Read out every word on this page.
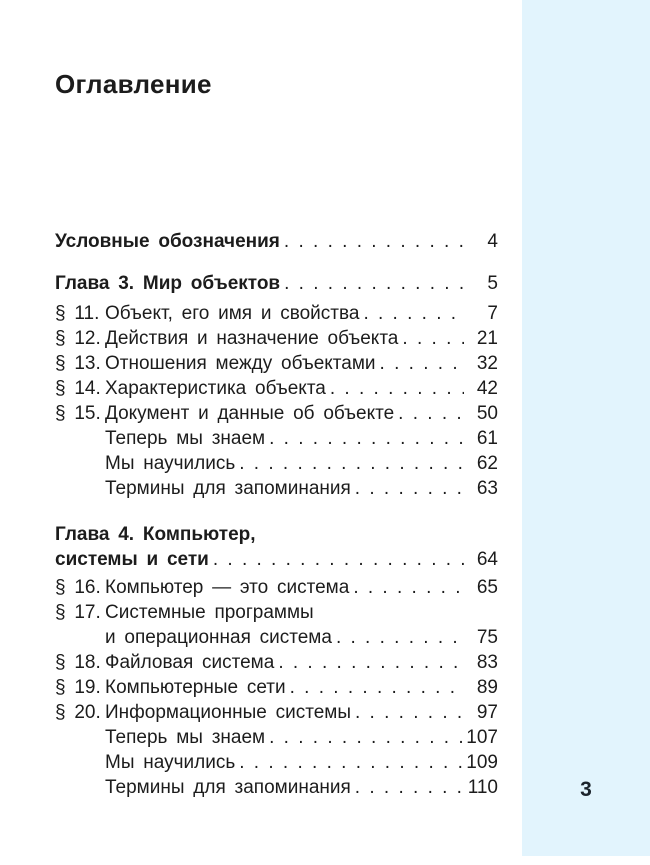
Оглавление
Условные обозначения . . .	4
Глава 3. Мир объектов . . .	5
§ 11. Объект, его имя и свойства . . .	7
§ 12. Действия и назначение объекта . . .	21
§ 13. Отношения между объектами . . .	32
§ 14. Характеристика объекта . . .	42
§ 15. Документ и данные об объекте . . .	50
Теперь мы знаем . . .	61
Мы научились . . .	62
Термины для запоминания . . .	63
Глава 4. Компьютер,
системы и сети . . .	64
§ 16. Компьютер — это система . . .	65
§ 17. Системные программы
и операционная система . . .	75
§ 18. Файловая система . . .	83
§ 19. Компьютерные сети . . .	89
§ 20. Информационные системы . . .	97
Теперь мы знаем . . .	107
Мы научились . . .	109
Термины для запоминания . . .	110	3
